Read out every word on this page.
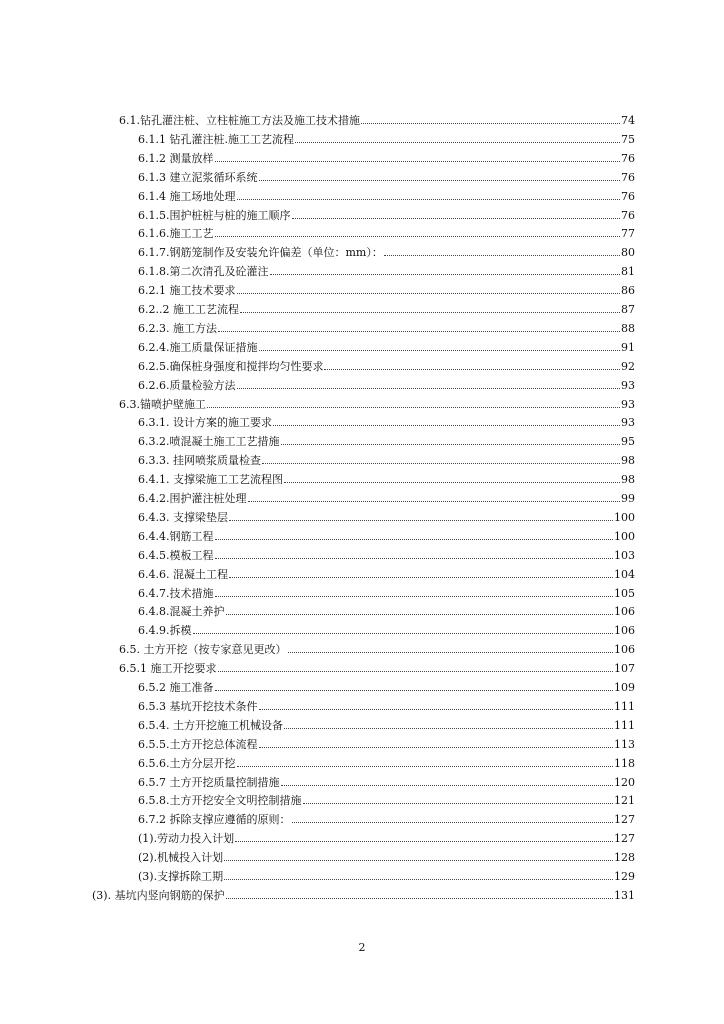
6.1.钻孔灌注桩、立柱桩施工方法及施工技术措施	74
6.1.1 钻孔灌注桩.施工工艺流程	75
6.1.2 测量放样	76
6.1.3 建立泥浆循环系统	76
6.1.4 施工场地处理	76
6.1.5.围护桩桩与桩的施工顺序	76
6.1.6.施工工艺	77
6.1.7.钢筋笼制作及安装允许偏差（单位：mm）：	80
6.1.8.第二次清孔及砼灌注	81
6.2.1 施工技术要求	86
6.2..2 施工工艺流程	87
6.2.3. 施工方法	88
6.2.4.施工质量保证措施	91
6.2.5.确保桩身强度和搅拌均匀性要求	92
6.2.6.质量检验方法	93
6.3.锚喷护壁施工	93
6.3.1. 设计方案的施工要求	93
6.3.2.喷混凝土施工工艺措施	95
6.3.3. 挂网喷浆质量检查	98
6.4.1. 支撑梁施工工艺流程图	98
6.4.2.围护灌注桩处理	99
6.4.3. 支撑梁垫层	100
6.4.4.钢筋工程	100
6.4.5.模板工程	103
6.4.6. 混凝土工程	104
6.4.7.技术措施	105
6.4.8.混凝土养护	106
6.4.9.拆模	106
6.5. 土方开挖（按专家意见更改）	106
6.5.1 施工开挖要求	107
6.5.2 施工准备	109
6.5.3 基坑开挖技术条件	111
6.5.4. 土方开挖施工机械设备	111
6.5.5.土方开挖总体流程	113
6.5.6.土方分层开挖	118
6.5.7 土方开挖质量控制措施	120
6.5.8.土方开挖安全文明控制措施	121
6.7.2 拆除支撑应遵循的原则：	127
(1).劳动力投入计划	127
(2).机械投入计划	128
(3).支撑拆除工期	129
(3). 基坑内竖向钢筋的保护	131
2
